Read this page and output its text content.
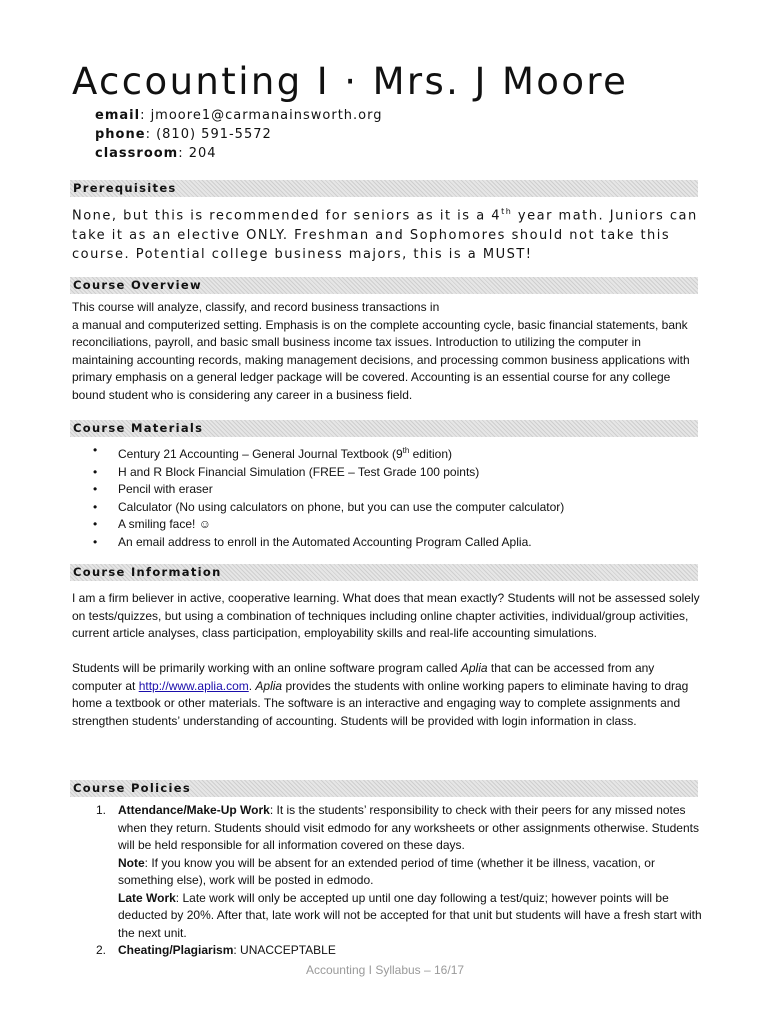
Accounting I · Mrs. J Moore
email: jmoore1@carmanainsworth.org
phone: (810) 591-5572
classroom: 204
Prerequisites
None, but this is recommended for seniors as it is a 4th year math. Juniors can take it as an elective ONLY. Freshman and Sophomores should not take this course. Potential college business majors, this is a MUST!
Course Overview

This course will analyze, classify, and record business transactions in

a manual and computerized setting. Emphasis is on the complete accounting cycle, basic financial statements, bank reconciliations, payroll, and basic small business income tax issues. Introduction to utilizing the computer in maintaining accounting records, making management decisions, and processing common business applications with primary emphasis on a general ledger package will be covered. Accounting is an essential course for any college bound student who is considering any career in a business field.

Course Materials
• Century 21 Accounting – General Journal Textbook (9th edition)
• H and R Block Financial Simulation (FREE – Test Grade 100 points)
• Pencil with eraser
• Calculator (No using calculators on phone, but you can use the computer calculator)
• A smiling face! ☺
• An email address to enroll in the Automated Accounting Program Called Aplia.
Course Information

I am a firm believer in active, cooperative learning. What does that mean exactly? Students will not be assessed solely on tests/quizzes, but using a combination of techniques including online chapter activities, individual/group activities, current article analyses, class participation, employability skills and real-life accounting simulations.

Students will be primarily working with an online software program called Aplia that can be accessed from any computer at http://www.aplia.com. Aplia provides the students with online working papers to eliminate having to drag home a textbook or other materials. The software is an interactive and engaging way to complete assignments and strengthen students’ understanding of accounting. Students will be provided with login information in class.

Course Policies
1. Attendance/Make-Up Work: It is the students’ responsibility to check with their peers for any missed notes when they return. Students should visit edmodo for any worksheets or other assignments otherwise. Students will be held responsible for all information covered on these days.
Note: If you know you will be absent for an extended period of time (whether it be illness, vacation, or something else), work will be posted in edmodo.
Late Work: Late work will only be accepted up until one day following a test/quiz; however points will be deducted by 20%. After that, late work will not be accepted for that unit but students will have a fresh start with the next unit.
2. Cheating/Plagiarism: UNACCEPTABLE
Accounting I Syllabus – 16/17
